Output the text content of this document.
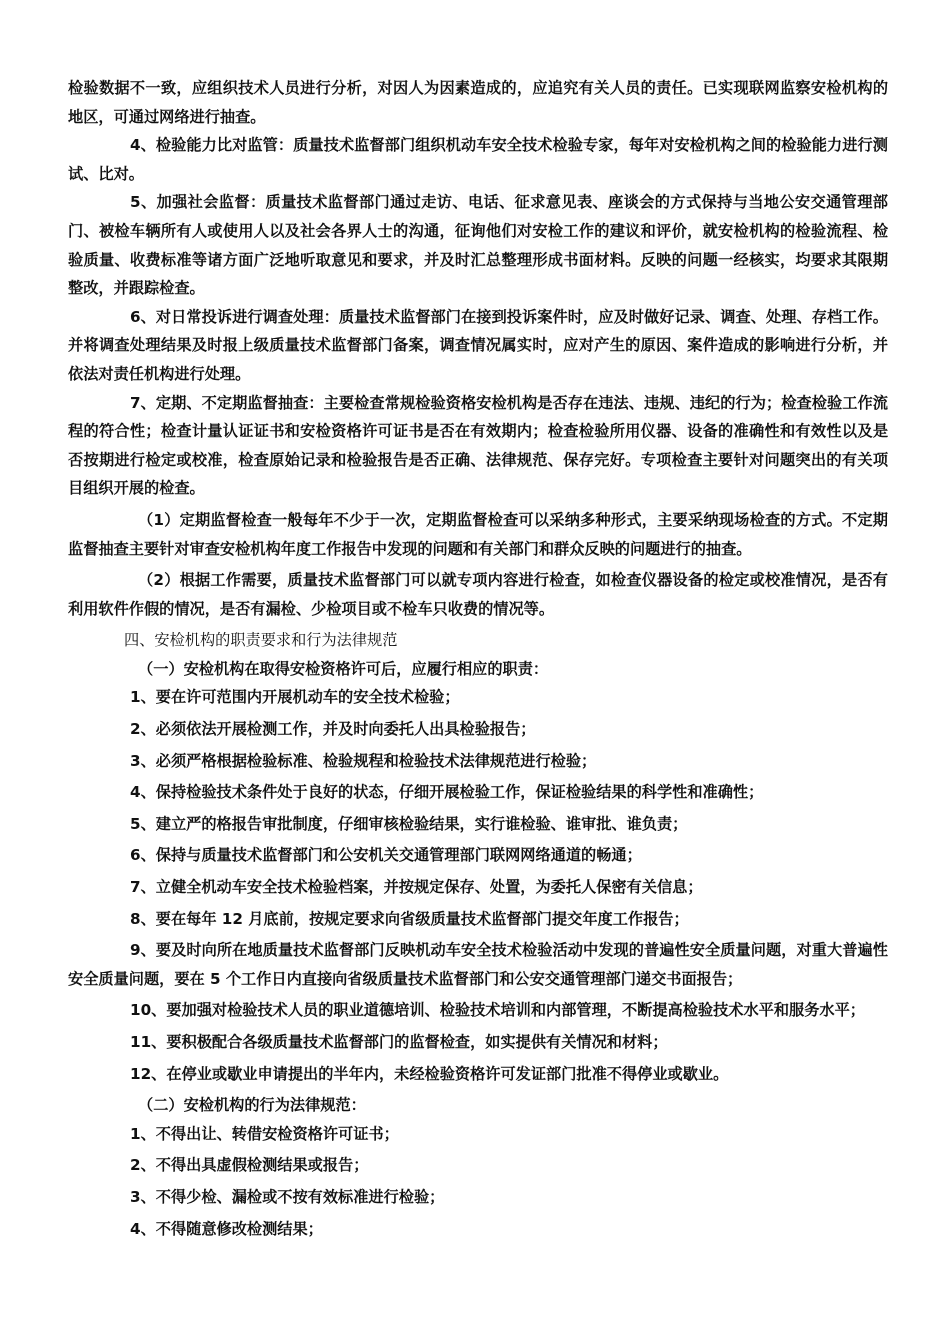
检验数据不一致，应组织技术人员进行分析，对因人为因素造成的，应追究有关人员的责任。已实现联网监察安检机构的地区，可通过网络进行抽查。

4、检验能力比对监管：质量技术监督部门组织机动车安全技术检验专家，每年对安检机构之间的检验能力进行测试、比对。

5、加强社会监督：质量技术监督部门通过走访、电话、征求意见表、座谈会的方式保持与当地公安交通管理部门、被检车辆所有人或使用人以及社会各界人士的沟通，征询他们对安检工作的建议和评价，就安检机构的检验流程、检验质量、收费标准等诸方面广泛地听取意见和要求，并及时汇总整理形成书面材料。反映的问题一经核实，均要求其限期整改，并跟踪检查。

6、对日常投诉进行调查处理：质量技术监督部门在接到投诉案件时，应及时做好记录、调查、处理、存档工作。并将调查处理结果及时报上级质量技术监督部门备案，调查情况属实时，应对产生的原因、案件造成的影响进行分析，并依法对责任机构进行处理。

7、定期、不定期监督抽查：主要检查常规检验资格安检机构是否存在违法、违规、违纪的行为；检查检验工作流程的符合性；检查计量认证证书和安检资格许可证书是否在有效期内；检查检验所用仪器、设备的准确性和有效性以及是否按期进行检定或校准，检查原始记录和检验报告是否正确、法律规范、保存完好。专项检查主要针对问题突出的有关项目组织开展的检查。

（1）定期监督检查一般每年不少于一次，定期监督检查可以采纳多种形式，主要采纳现场检查的方式。不定期监督抽查主要针对审查安检机构年度工作报告中发现的问题和有关部门和群众反映的问题进行的抽查。

（2）根据工作需要，质量技术监督部门可以就专项内容进行检查，如检查仪器设备的检定或校准情况，是否有利用软件作假的情况，是否有漏检、少检项目或不检车只收费的情况等。

四、安检机构的职责要求和行为法律规范

（一）安检机构在取得安检资格许可后，应履行相应的职责：

1、要在许可范围内开展机动车的安全技术检验；

2、必须依法开展检测工作，并及时向委托人出具检验报告；

3、必须严格根据检验标准、检验规程和检验技术法律规范进行检验；

4、保持检验技术条件处于良好的状态，仔细开展检验工作，保证检验结果的科学性和准确性；

5、建立严的格报告审批制度，仔细审核检验结果，实行谁检验、谁审批、谁负责；

6、保持与质量技术监督部门和公安机关交通管理部门联网网络通道的畅通；

7、立健全机动车安全技术检验档案，并按规定保存、处置，为委托人保密有关信息；

8、要在每年 12 月底前，按规定要求向省级质量技术监督部门提交年度工作报告；

9、要及时向所在地质量技术监督部门反映机动车安全技术检验活动中发现的普遍性安全质量问题，对重大普遍性安全质量问题，要在 5 个工作日内直接向省级质量技术监督部门和公安交通管理部门递交书面报告；

10、要加强对检验技术人员的职业道德培训、检验技术培训和内部管理，不断提高检验技术水平和服务水平；

11、要积极配合各级质量技术监督部门的监督检查，如实提供有关情况和材料；

12、在停业或歇业申请提出的半年内，未经检验资格许可发证部门批准不得停业或歇业。

（二）安检机构的行为法律规范：

1、不得出让、转借安检资格许可证书；

2、不得出具虚假检测结果或报告；

3、不得少检、漏检或不按有效标准进行检验；

4、不得随意修改检测结果；
